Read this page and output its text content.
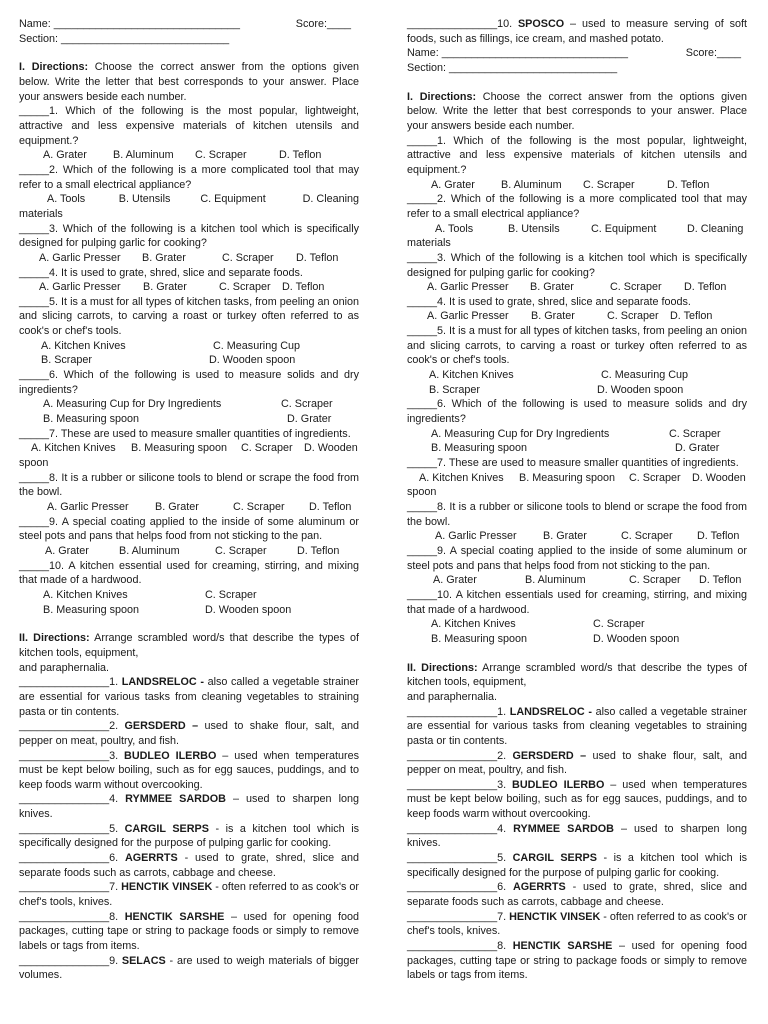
Name: _______________________________	Score:____
Section: ____________________________
I. Directions: Choose the correct answer from the options given below. Write the letter that best corresponds to your answer. Place your answers beside each number.
_____1. Which of the following is the most popular, lightweight, attractive and less expensive materials of kitchen utensils and equipment.?
A. Grater	B. Aluminum	C. Scraper	D. Teflon
_____2. Which of the following is a more complicated tool that may refer to a small electrical appliance?
A. Tools	B. Utensils	C. Equipment	D. Cleaning
materials
_____3. Which of the following is a kitchen tool which is specifically designed for pulping garlic for cooking?
A. Garlic Presser	B. Grater	C. Scraper	D. Teflon
_____4. It is used to grate, shred, slice and separate foods.
A. Garlic Presser	B. Grater	C. Scraper	D. Teflon
_____5. It is a must for all types of kitchen tasks, from peeling an onion and slicing carrots, to carving a roast or turkey often referred to as cook's or chef's tools.
A. Kitchen Knives	C. Measuring Cup
B. Scraper	D. Wooden spoon
_____6. Which of the following is used to measure solids and dry ingredients?
A. Measuring Cup for Dry Ingredients	C. Scraper
B. Measuring spoon	D. Grater
_____7. These are used to measure smaller quantities of ingredients.
A. Kitchen Knives	B. Measuring spoon	C. Scraper	D. Wooden
spoon
_____8. It is a rubber or silicone tools to blend or scrape the food from the bowl.
A. Garlic Presser	B. Grater	C. Scraper	D. Teflon
_____9. A special coating applied to the inside of some aluminum or steel pots and pans that helps food from not sticking to the pan.
A. Grater	B. Aluminum	C. Scraper	D. Teflon
_____10. A kitchen essential used for creaming, stirring, and mixing that made of a hardwood.
A. Kitchen Knives	C. Scraper
B. Measuring spoon	D. Wooden spoon
II. Directions: Arrange scrambled word/s that describe the types of kitchen tools, equipment,
and paraphernalia.
_______________1. LANDSRELOC - also called a vegetable strainer are essential for various tasks from cleaning vegetables to straining pasta or tin contents.
_______________2. GERSDERD – used to shake flour, salt, and pepper on meat, poultry, and fish.
_______________3. BUDLEO ILERBO – used when temperatures must be kept below boiling, such as for egg sauces, puddings, and to keep foods warm without overcooking.
_______________4. RYMMEE SARDOB – used to sharpen long knives.
_______________5. CARGIL SERPS - is a kitchen tool which is specifically designed for the purpose of pulping garlic for cooking.
_______________6. AGERRTS - used to grate, shred, slice and separate foods such as carrots, cabbage and cheese.
_______________7. HENCTIK VINSEK - often referred to as cook's or chef's tools, knives.
_______________8. HENCTIK SARSHE – used for opening food packages, cutting tape or string to package foods or simply to remove labels or tags from items.
_______________9. SELACS - are used to weigh materials of bigger volumes.
_______________10. SPOSCO – used to measure serving of soft foods, such as fillings, ice cream, and mashed potato.
Name: _______________________________	Score:____
Section: ____________________________
I. Directions: Choose the correct answer from the options given below. Write the letter that best corresponds to your answer. Place your answers beside each number.
_____1. Which of the following is the most popular, lightweight, attractive and less expensive materials of kitchen utensils and equipment.?
A. Grater	B. Aluminum	C. Scraper	D. Teflon
_____2. Which of the following is a more complicated tool that may refer to a small electrical appliance?
A. Tools	B. Utensils	C. Equipment	D. Cleaning
materials
_____3. Which of the following is a kitchen tool which is specifically designed for pulping garlic for cooking?
A. Garlic Presser	B. Grater	C. Scraper	D. Teflon
_____4. It is used to grate, shred, slice and separate foods.
A. Garlic Presser	B. Grater	C. Scraper	D. Teflon
_____5. It is a must for all types of kitchen tasks, from peeling an onion and slicing carrots, to carving a roast or turkey often referred to as cook's or chef's tools.
A. Kitchen Knives	C. Measuring Cup
B. Scraper	D. Wooden spoon
_____6. Which of the following is used to measure solids and dry ingredients?
A. Measuring Cup for Dry Ingredients	C. Scraper
B. Measuring spoon	D. Grater
_____7. These are used to measure smaller quantities of ingredients.
A. Kitchen Knives	B. Measuring spoon	C. Scraper	D. Wooden
spoon
_____8. It is a rubber or silicone tools to blend or scrape the food from the bowl.
A. Garlic Presser	B. Grater	C. Scraper	D. Teflon
_____9. A special coating applied to the inside of some aluminum or steel pots and pans that helps food from not sticking to the pan.
A. Grater	B. Aluminum	C. Scraper	D. Teflon
_____10. A kitchen essentials used for creaming, stirring, and mixing that made of a hardwood.
A. Kitchen Knives	C. Scraper
B. Measuring spoon	D. Wooden spoon
II. Directions: Arrange scrambled word/s that describe the types of kitchen tools, equipment,
and paraphernalia.
_______________1. LANDSRELOC - also called a vegetable strainer are essential for various tasks from cleaning vegetables to straining pasta or tin contents.
_______________2. GERSDERD – used to shake flour, salt, and pepper on meat, poultry, and fish.
_______________3. BUDLEO ILERBO – used when temperatures must be kept below boiling, such as for egg sauces, puddings, and to keep foods warm without overcooking.
_______________4. RYMMEE SARDOB – used to sharpen long knives.
_______________5. CARGIL SERPS - is a kitchen tool which is specifically designed for the purpose of pulping garlic for cooking.
_______________6. AGERRTS - used to grate, shred, slice and separate foods such as carrots, cabbage and cheese.
_______________7. HENCTIK VINSEK - often referred to as cook's or chef's tools, knives.
_______________8. HENCTIK SARSHE – used for opening food packages, cutting tape or string to package foods or simply to remove labels or tags from items.
